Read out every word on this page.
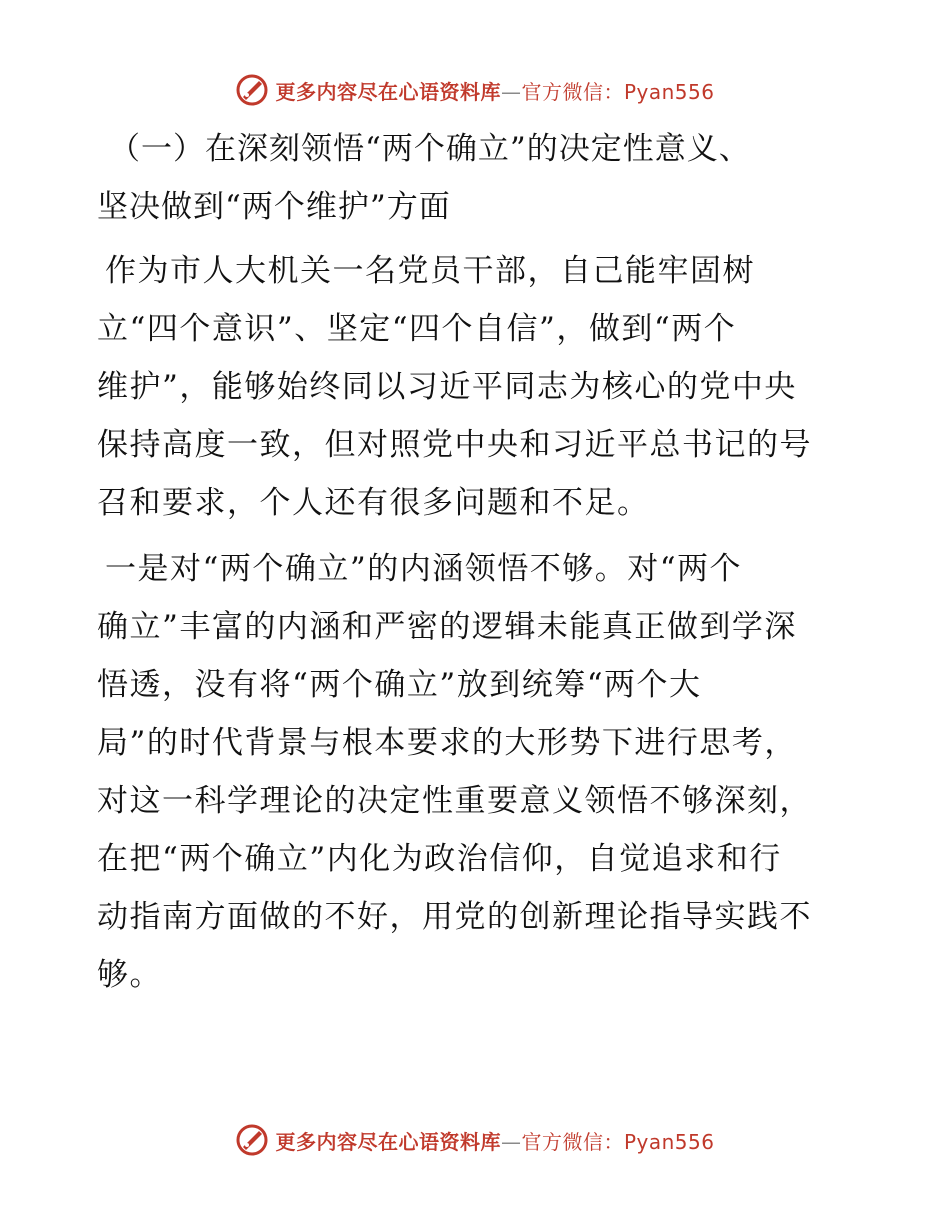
更多内容尽在心语资料库—官方微信：Pyan556
（一）在深刻领悟“两个确立”的决定性意义、
坚决做到“两个维护”方面
作为市人大机关一名党员干部，自己能牢固树
立“四个意识”、坚定“四个自信”，做到“两个
维护”，能够始终同以习近平同志为核心的党中央
保持高度一致，但对照党中央和习近平总书记的号
召和要求，个人还有很多问题和不足。
一是对“两个确立”的内涵领悟不够。对“两个
确立”丰富的内涵和严密的逻辑未能真正做到学深
悟透，没有将“两个确立”放到统筹“两个大
局”的时代背景与根本要求的大形势下进行思考，
对这一科学理论的决定性重要意义领悟不够深刻，
在把“两个确立”内化为政治信仰，自觉追求和行
动指南方面做的不好，用党的创新理论指导实践不
够。
更多内容尽在心语资料库—官方微信：Pyan556
